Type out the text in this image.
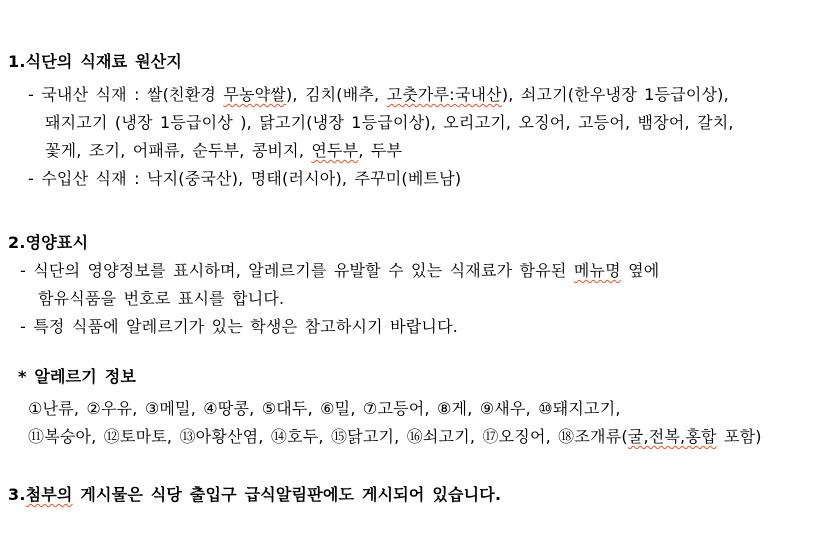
1.식단의 식재료 원산지
- 국내산 식재 : 쌀(친환경 무농약쌀), 김치(배추, 고춧가루:국내산), 쇠고기(한우냉장 1등급이상),
돼지고기 (냉장 1등급이상 ), 닭고기(냉장 1등급이상), 오리고기, 오징어, 고등어, 뱀장어, 갈치,
꽃게, 조기, 어패류, 순두부, 콩비지, 연두부, 두부
- 수입산 식재 : 낙지(중국산), 명태(러시아), 주꾸미(베트남)
2.영양표시
- 식단의 영양정보를 표시하며, 알레르기를 유발할 수 있는 식재료가 함유된 메뉴명 옆에
함유식품을 번호로 표시를 합니다.
- 특정 식품에 알레르기가 있는 학생은 참고하시기 바랍니다.
* 알레르기 정보
①난류, ②우유, ③메밀, ④땅콩, ⑤대두, ⑥밀, ⑦고등어, ⑧게, ⑨새우, ⑩돼지고기,
⑪복숭아, ⑫토마토, ⑬아황산염, ⑭호두, ⑮닭고기, ⑯쇠고기, ⑰오징어, ⑱조개류(굴,전복,홍합 포함)
3.첨부의 게시물은 식당 출입구 급식알림판에도 게시되어 있습니다.
